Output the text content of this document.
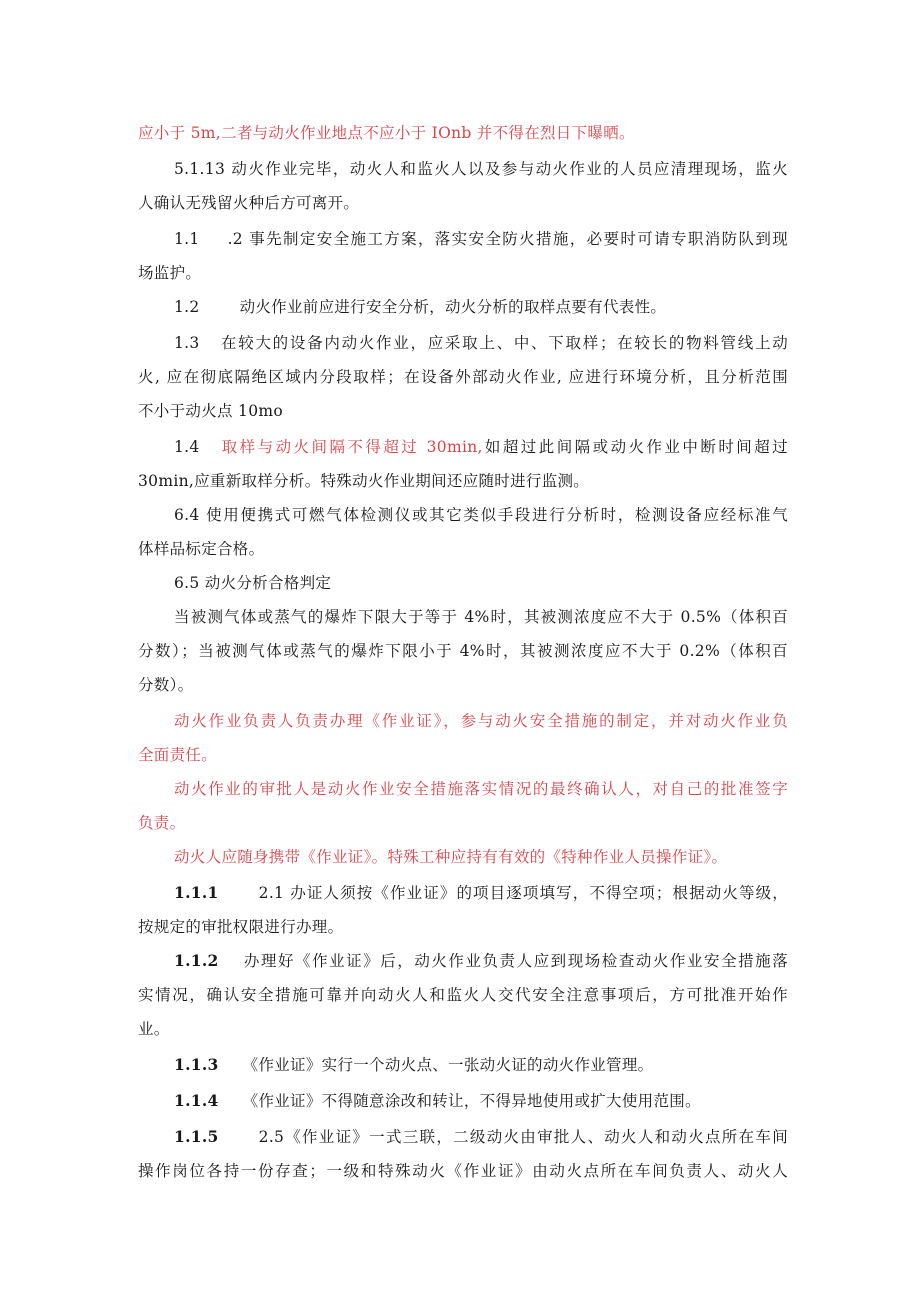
应小于 5m,二者与动火作业地点不应小于 IOnb 并不得在烈日下曝晒。

5.1.13 动火作业完毕，动火人和监火人以及参与动火作业的人员应清理现场，监火
人确认无残留火种后方可离开。

1.1 .2 事先制定安全施工方案，落实安全防火措施，必要时可请专职消防队到现
场监护。

1.2	动火作业前应进行安全分析，动火分析的取样点要有代表性。

1.3 在较大的设备内动火作业，应采取上、中、下取样；在较长的物料管线上动
火, 应在彻底隔绝区域内分段取样；在设备外部动火作业, 应进行环境分析，且分析范围
不小于动火点 10mo

1.4 取样与动火间隔不得超过 30min,如超过此间隔或动火作业中断时间超过
30min,应重新取样分析。特殊动火作业期间还应随时进行监测。

6.4 使用便携式可燃气体检测仪或其它类似手段进行分析时，检测设备应经标准气
体样品标定合格。

6.5 动火分析合格判定

当被测气体或蒸气的爆炸下限大于等于 4%时，其被测浓度应不大于 0.5%（体积百
分数）；当被测气体或蒸气的爆炸下限小于 4%时，其被测浓度应不大于 0.2%（体积百
分数）。

动火作业负责人负责办理《作业证》，参与动火安全措施的制定，并对动火作业负
全面责任。

动火作业的审批人是动火作业安全措施落实情况的最终确认人，对自己的批准签字
负责。

动火人应随身携带《作业证》。特殊工种应持有有效的《特种作业人员操作证》。

1.1.1	2.1 办证人须按《作业证》的项目逐项填写，不得空项；根据动火等级，
按规定的审批权限进行办理。

1.1.2 办理好《作业证》后，动火作业负责人应到现场检查动火作业安全措施落
实情况，确认安全措施可靠并向动火人和监火人交代安全注意事项后，方可批准开始作
业。

1.1.3 《作业证》实行一个动火点、一张动火证的动火作业管理。

1.1.4 《作业证》不得随意涂改和转让，不得异地使用或扩大使用范围。

1.1.5	2.5《作业证》一式三联，二级动火由审批人、动火人和动火点所在车间
操作岗位各持一份存查；一级和特殊动火《作业证》由动火点所在车间负责人、动火人
